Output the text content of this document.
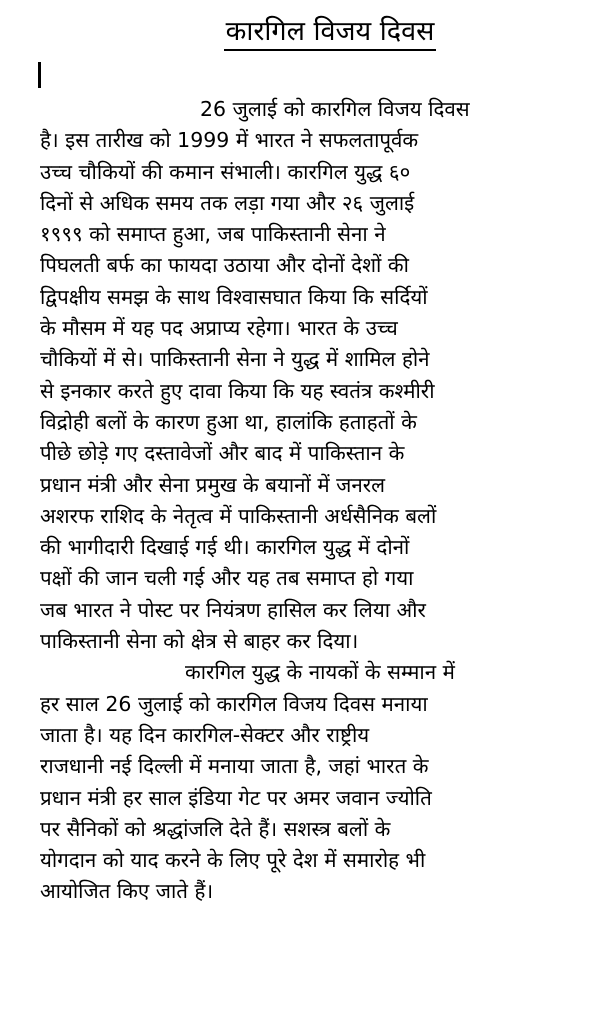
कारगिल विजय दिवस

26 जुलाई को कारगिल विजय दिवस
है। इस तारीख को 1999 में भारत ने सफलतापूर्वक
उच्च चौकियों की कमान संभाली। कारगिल युद्ध ६०
दिनों से अधिक समय तक लड़ा गया और २६ जुलाई
१९९९ को समाप्त हुआ, जब पाकिस्तानी सेना ने
पिघलती बर्फ का फायदा उठाया और दोनों देशों की
द्विपक्षीय समझ के साथ विश्वासघात किया कि सर्दियों
के मौसम में यह पद अप्राप्य रहेगा। भारत के उच्च
चौकियों में से। पाकिस्तानी सेना ने युद्ध में शामिल होने
से इनकार करते हुए दावा किया कि यह स्वतंत्र कश्मीरी
विद्रोही बलों के कारण हुआ था, हालांकि हताहतों के
पीछे छोड़े गए दस्तावेजों और बाद में पाकिस्तान के
प्रधान मंत्री और सेना प्रमुख के बयानों में जनरल
अशरफ राशिद के नेतृत्व में पाकिस्तानी अर्धसैनिक बलों
की भागीदारी दिखाई गई थी। कारगिल युद्ध में दोनों
पक्षों की जान चली गई और यह तब समाप्त हो गया
जब भारत ने पोस्ट पर नियंत्रण हासिल कर लिया और
पाकिस्तानी सेना को क्षेत्र से बाहर कर दिया।

कारगिल युद्ध के नायकों के सम्मान में
हर साल 26 जुलाई को कारगिल विजय दिवस मनाया
जाता है। यह दिन कारगिल-सेक्टर और राष्ट्रीय
राजधानी नई दिल्ली में मनाया जाता है, जहां भारत के
प्रधान मंत्री हर साल इंडिया गेट पर अमर जवान ज्योति
पर सैनिकों को श्रद्धांजलि देते हैं। सशस्त्र बलों के
योगदान को याद करने के लिए पूरे देश में समारोह भी
आयोजित किए जाते हैं।
